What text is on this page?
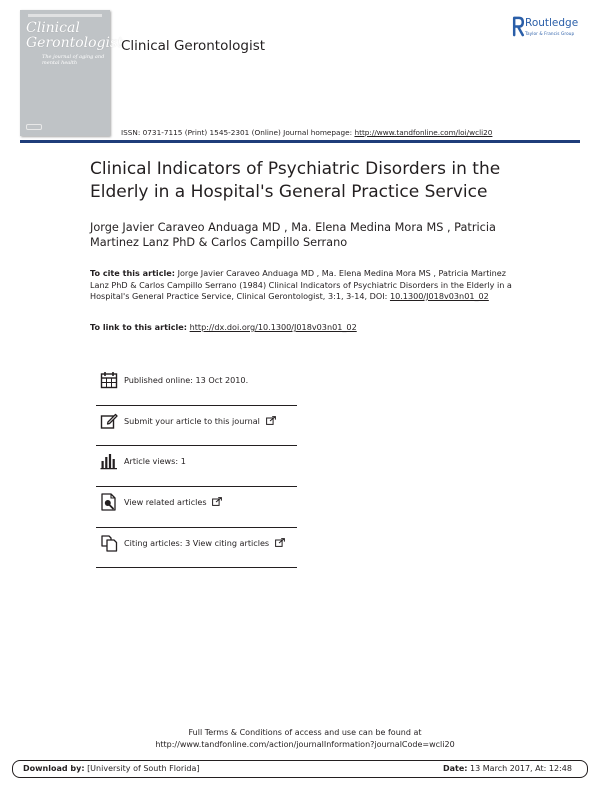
Clinical
Gerontologist
The journal of aging and mental health
Clinical Gerontologist
Routledge
Taylor & Francis Group
ISSN: 0731-7115 (Print) 1545-2301 (Online) Journal homepage: http://www.tandfonline.com/loi/wcli20
Clinical Indicators of Psychiatric Disorders in the Elderly in a Hospital's General Practice Service
Jorge Javier Caraveo Anduaga MD , Ma. Elena Medina Mora MS , Patricia Martinez Lanz PhD & Carlos Campillo Serrano
To cite this article: Jorge Javier Caraveo Anduaga MD , Ma. Elena Medina Mora MS , Patricia Martinez Lanz PhD & Carlos Campillo Serrano (1984) Clinical Indicators of Psychiatric Disorders in the Elderly in a Hospital's General Practice Service, Clinical Gerontologist, 3:1, 3-14, DOI: 10.1300/J018v03n01_02
To link to this article: http://dx.doi.org/10.1300/J018v03n01_02
Published online: 13 Oct 2010.
Submit your article to this journal
Article views: 1
View related articles
Citing articles: 3 View citing articles
Full Terms & Conditions of access and use can be found at
http://www.tandfonline.com/action/journalInformation?journalCode=wcli20
Download by: [University of South Florida]	Date: 13 March 2017, At: 12:48
